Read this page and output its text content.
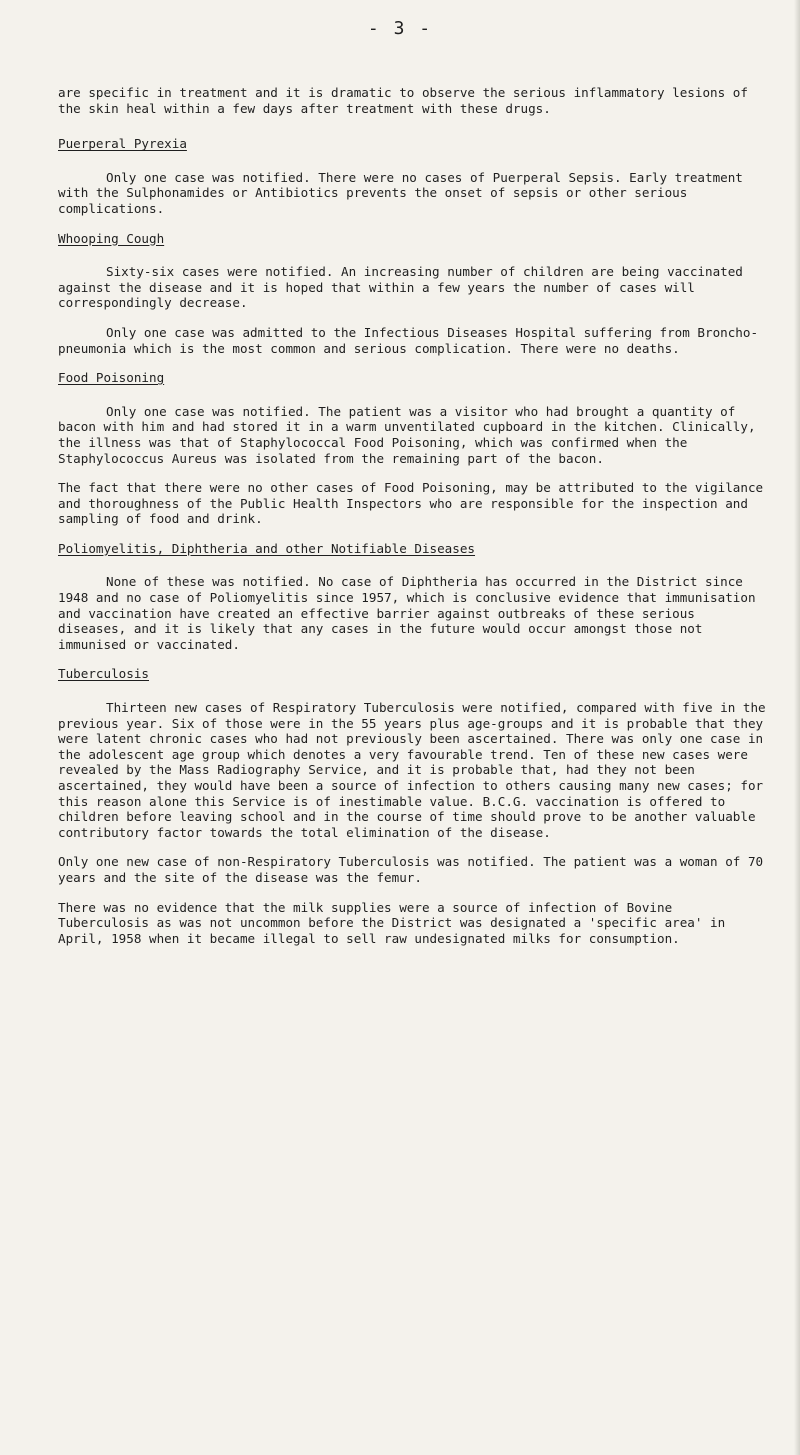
- 3 -

are specific in treatment and it is dramatic to observe the serious inflammatory lesions of the skin heal within a few days after treatment with these drugs.

Puerperal Pyrexia

Only one case was notified. There were no cases of Puerperal Sepsis. Early treatment with the Sulphonamides or Antibiotics prevents the onset of sepsis or other serious complications.

Whooping Cough

Sixty-six cases were notified. An increasing number of children are being vaccinated against the disease and it is hoped that within a few years the number of cases will correspondingly decrease.

Only one case was admitted to the Infectious Diseases Hospital suffering from Broncho-pneumonia which is the most common and serious complication. There were no deaths.

Food Poisoning

Only one case was notified. The patient was a visitor who had brought a quantity of bacon with him and had stored it in a warm unventilated cupboard in the kitchen. Clinically, the illness was that of Staphylococcal Food Poisoning, which was confirmed when the Staphylococcus Aureus was isolated from the remaining part of the bacon.

The fact that there were no other cases of Food Poisoning, may be attributed to the vigilance and thoroughness of the Public Health Inspectors who are responsible for the inspection and sampling of food and drink.

Poliomyelitis, Diphtheria and other Notifiable Diseases

None of these was notified. No case of Diphtheria has occurred in the District since 1948 and no case of Poliomyelitis since 1957, which is conclusive evidence that immunisation and vaccination have created an effective barrier against outbreaks of these serious diseases, and it is likely that any cases in the future would occur amongst those not immunised or vaccinated.

Tuberculosis

Thirteen new cases of Respiratory Tuberculosis were notified, compared with five in the previous year. Six of those were in the 55 years plus age-groups and it is probable that they were latent chronic cases who had not previously been ascertained. There was only one case in the adolescent age group which denotes a very favourable trend. Ten of these new cases were revealed by the Mass Radiography Service, and it is probable that, had they not been ascertained, they would have been a source of infection to others causing many new cases; for this reason alone this Service is of inestimable value. B.C.G. vaccination is offered to children before leaving school and in the course of time should prove to be another valuable contributory factor towards the total elimination of the disease.

Only one new case of non-Respiratory Tuberculosis was notified. The patient was a woman of 70 years and the site of the disease was the femur.

There was no evidence that the milk supplies were a source of infection of Bovine Tuberculosis as was not uncommon before the District was designated a 'specific area' in April, 1958 when it became illegal to sell raw undesignated milks for consumption.
